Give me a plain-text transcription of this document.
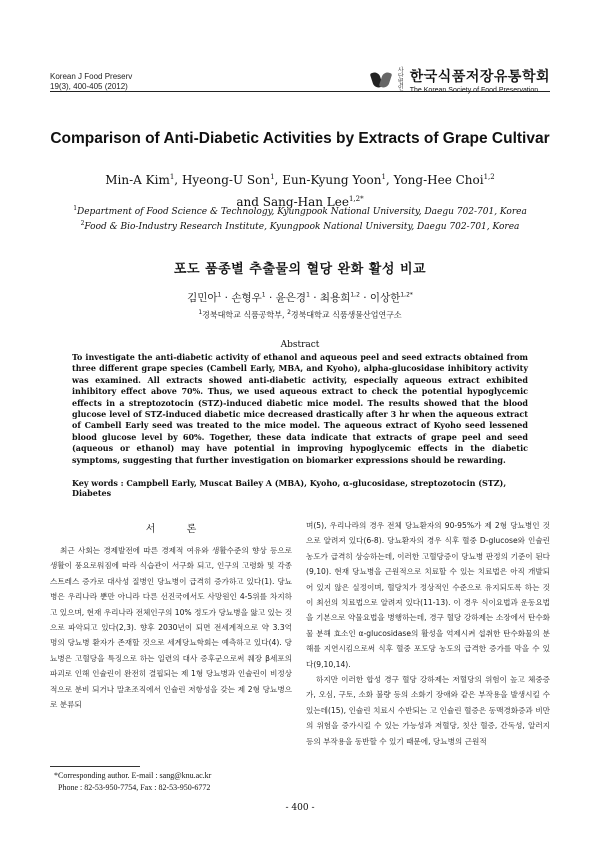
Korean J Food Preserv
19(3), 400-405 (2012)
사단법인
한국식품저장유통학회
The Korean Society of Food Preservation
Comparison of Anti-Diabetic Activities by Extracts of Grape Cultivar
Min-A Kim$^1$, Hyeong-U Son$^1$, Eun-Kyung Yoon$^1$, Yong-Hee Choi$^{1,2}$
and Sang-Han Lee$^{1,2*}$
$^1$Department of Food Science & Technology, Kyungpook National University, Daegu 702-701, Korea
$^2$Food & Bio-Industry Research Institute, Kyungpook National University, Daegu 702-701, Korea
포도 품종별 추출물의 혈당 완화 활성 비교
김민아$^1$ · 손형우$^1$ · 윤은경$^1$ · 최용희$^{1,2}$ · 이상한$^{1,2*}$
$^1$경북대학교 식품공학부, $^2$경북대학교 식품생물산업연구소
Abstract
To investigate the anti-diabetic activity of ethanol and aqueous peel and seed extracts obtained from three different grape species (Cambell Early, MBA, and Kyoho), alpha-glucosidase inhibitory activity was examined. All extracts showed anti-diabetic activity, especially aqueous extract exhibited inhibitory effect above 70%. Thus, we used aqueous extract to check the potential hypoglycemic effects in a streptozotocin (STZ)-induced diabetic mice model. The results showed that the blood glucose level of STZ-induced diabetic mice decreased drastically after 3 hr when the aqueous extract of Cambell Early seed was treated to the mice model. The aqueous extract of Kyoho seed lessened blood glucose level by 60%. Together, these data indicate that extracts of grape peel and seed (aqueous or ethanol) may have potential in improving hypoglycemic effects in the diabetic symptoms, suggesting that further investigation on biomarker expressions should be rewarding.
Key words : Campbell Early, Muscat Bailey A (MBA), Kyoho, α-glucosidase, streptozotocin (STZ), Diabetes
서 론

최근 사회는 경제발전에 따른 경제적 여유와 생활수준의 향상 등으로 생활이 풍요로워짐에 따라 식습관이 서구화 되고, 인구의 고령화 및 각종 스트레스 증가로 대사성 질병인 당뇨병이 급격히 증가하고 있다(1). 당뇨병은 우리나라 뿐만 아니라 다른 선진국에서도 사망원인 4-5위를 차지하고 있으며, 현재 우리나라 전체인구의 10% 정도가 당뇨병을 앓고 있는 것으로 파악되고 있다(2,3). 향후 2030년이 되면 전세계적으로 약 3.3억 명의 당뇨병 환자가 존재할 것으로 세계당뇨학회는 예측하고 있다(4). 당뇨병은 고혈당을 특징으로 하는 일련의 대사 증후군으로써 췌장 β세포의 파괴로 인해 인슐린이 완전히 결핍되는 제 1형 당뇨병과 인슐린이 비정상적으로 분비 되거나 말초조직에서 인슐린 저항성을 갖는 제 2형 당뇨병으로 분류되

며(5), 우리나라의 경우 전체 당뇨환자의 90-95%가 제 2형 당뇨병인 것으로 알려져 있다(6-8). 당뇨환자의 경우 식후 혈중 D-glucose와 인슐린 농도가 급격히 상승하는데, 이러한 고혈당증이 당뇨병 판정의 기준이 된다(9,10). 현재 당뇨병을 근원적으로 치료할 수 있는 치료법은 아직 개발되어 있지 않은 실정이며, 혈당치가 정상적인 수준으로 유지되도록 하는 것이 최선의 치료법으로 알려져 있다(11-13). 이 경우 식이요법과 운동요법을 기본으로 약물요법을 병행하는데, 경구 혈당 강하제는 소장에서 탄수화물 분해 효소인 α-glucosidase의 활성을 억제시켜 섭취한 탄수화물의 분해를 지연시킴으로써 식후 혈중 포도당 농도의 급격한 증가를 막을 수 있다(9,10,14).

하지만 이러한 합성 경구 혈당 강하제는 저혈당의 위험이 높고 체중증가, 오심, 구토, 소화 불량 등의 소화기 장애와 같은 부작용을 발생시킬 수 있는데(15), 인슐린 치료시 수반되는 고 인슐린 혈증은 동맥경화증과 비만의 위험을 증가시킬 수 있는 가능성과 저혈당, 칫산 혈증, 간독성, 알러지 등의 부작용을 동반할 수 있기 때문에, 당뇨병의 근원적

*Corresponding author. E-mail : sang@knu.ac.kr
Phone : 82-53-950-7754, Fax : 82-53-950-6772
- 400 -
